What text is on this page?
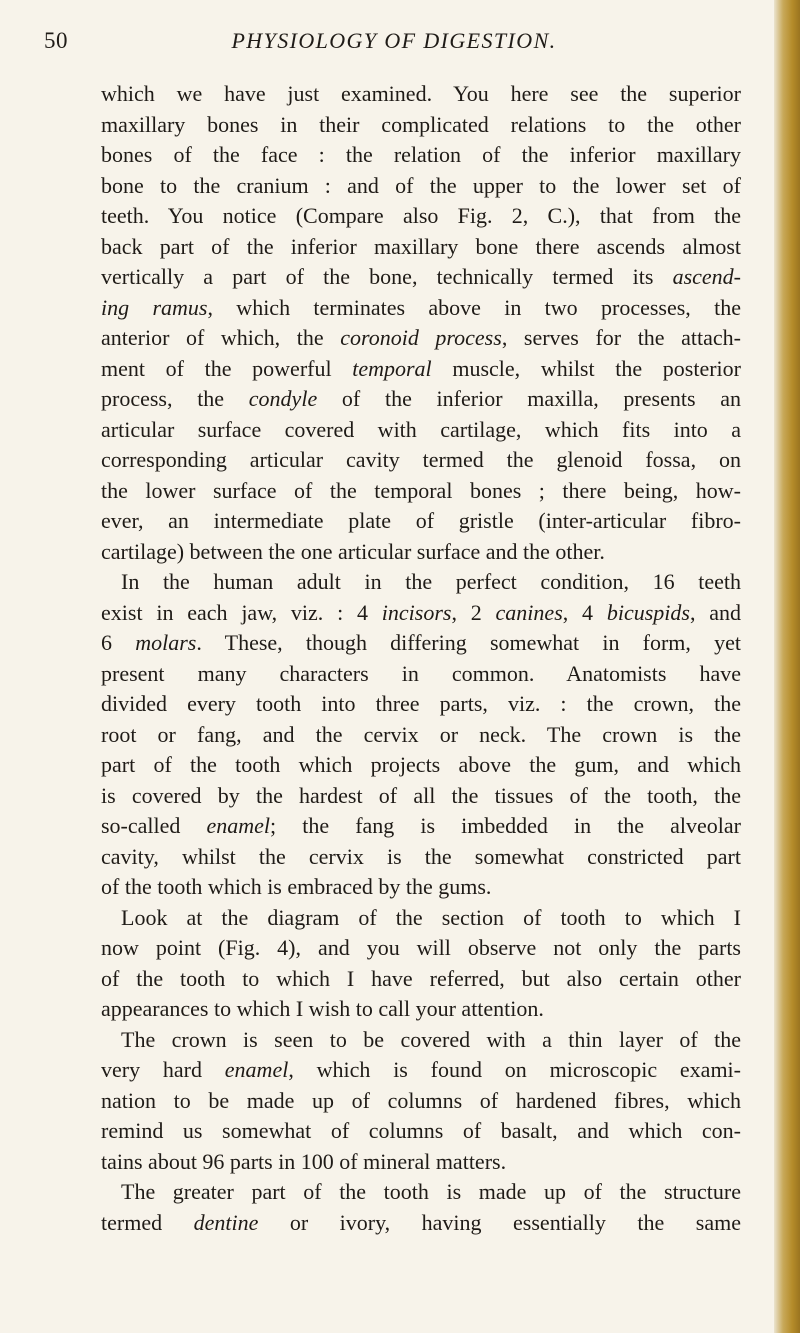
50	PHYSIOLOGY OF DIGESTION.
which we have just examined. You here see the superior
maxillary bones in their complicated relations to the other
bones of the face : the relation of the inferior maxillary
bone to the cranium : and of the upper to the lower set of
teeth. You notice (Compare also Fig. 2, C.), that from the
back part of the inferior maxillary bone there ascends almost
vertically a part of the bone, technically termed its ascend-
ing ramus, which terminates above in two processes, the
anterior of which, the coronoid process, serves for the attach-
ment of the powerful temporal muscle, whilst the posterior
process, the condyle of the inferior maxilla, presents an
articular surface covered with cartilage, which fits into a
corresponding articular cavity termed the glenoid fossa, on
the lower surface of the temporal bones ; there being, how-
ever, an intermediate plate of gristle (inter-articular fibro-
cartilage) between the one articular surface and the other.
In the human adult in the perfect condition, 16 teeth
exist in each jaw, viz. : 4 incisors, 2 canines, 4 bicuspids, and
6 molars. These, though differing somewhat in form, yet
present many characters in common. Anatomists have
divided every tooth into three parts, viz. : the crown, the
root or fang, and the cervix or neck. The crown is the
part of the tooth which projects above the gum, and which
is covered by the hardest of all the tissues of the tooth, the
so-called enamel; the fang is imbedded in the alveolar
cavity, whilst the cervix is the somewhat constricted part
of the tooth which is embraced by the gums.
Look at the diagram of the section of tooth to which I
now point (Fig. 4), and you will observe not only the parts
of the tooth to which I have referred, but also certain other
appearances to which I wish to call your attention.
The crown is seen to be covered with a thin layer of the
very hard enamel, which is found on microscopic exami-
nation to be made up of columns of hardened fibres, which
remind us somewhat of columns of basalt, and which con-
tains about 96 parts in 100 of mineral matters.
The greater part of the tooth is made up of the structure
termed dentine or ivory, having essentially the same
